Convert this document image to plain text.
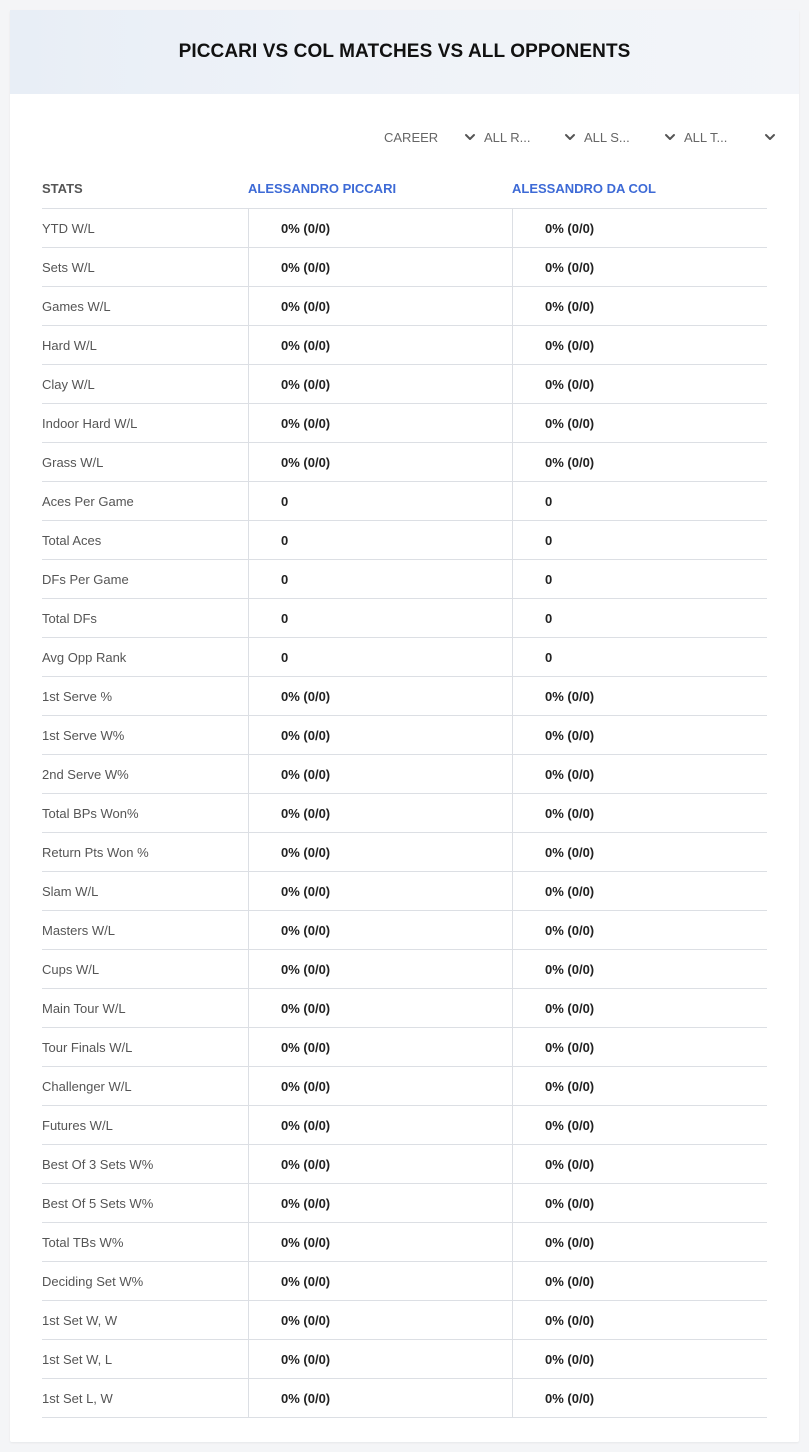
PICCARI VS COL MATCHES VS ALL OPPONENTS
CAREER	ALL R...	ALL S...	ALL T...
STATS	ALESSANDRO PICCARI	ALESSANDRO DA COL
YTD W/L	0% (0/0)	0% (0/0)
Sets W/L	0% (0/0)	0% (0/0)
Games W/L	0% (0/0)	0% (0/0)
Hard W/L	0% (0/0)	0% (0/0)
Clay W/L	0% (0/0)	0% (0/0)
Indoor Hard W/L	0% (0/0)	0% (0/0)
Grass W/L	0% (0/0)	0% (0/0)
Aces Per Game	0	0
Total Aces	0	0
DFs Per Game	0	0
Total DFs	0	0
Avg Opp Rank	0	0
1st Serve %	0% (0/0)	0% (0/0)
1st Serve W%	0% (0/0)	0% (0/0)
2nd Serve W%	0% (0/0)	0% (0/0)
Total BPs Won%	0% (0/0)	0% (0/0)
Return Pts Won %	0% (0/0)	0% (0/0)
Slam W/L	0% (0/0)	0% (0/0)
Masters W/L	0% (0/0)	0% (0/0)
Cups W/L	0% (0/0)	0% (0/0)
Main Tour W/L	0% (0/0)	0% (0/0)
Tour Finals W/L	0% (0/0)	0% (0/0)
Challenger W/L	0% (0/0)	0% (0/0)
Futures W/L	0% (0/0)	0% (0/0)
Best Of 3 Sets W%	0% (0/0)	0% (0/0)
Best Of 5 Sets W%	0% (0/0)	0% (0/0)
Total TBs W%	0% (0/0)	0% (0/0)
Deciding Set W%	0% (0/0)	0% (0/0)
1st Set W, W	0% (0/0)	0% (0/0)
1st Set W, L	0% (0/0)	0% (0/0)
1st Set L, W	0% (0/0)	0% (0/0)
